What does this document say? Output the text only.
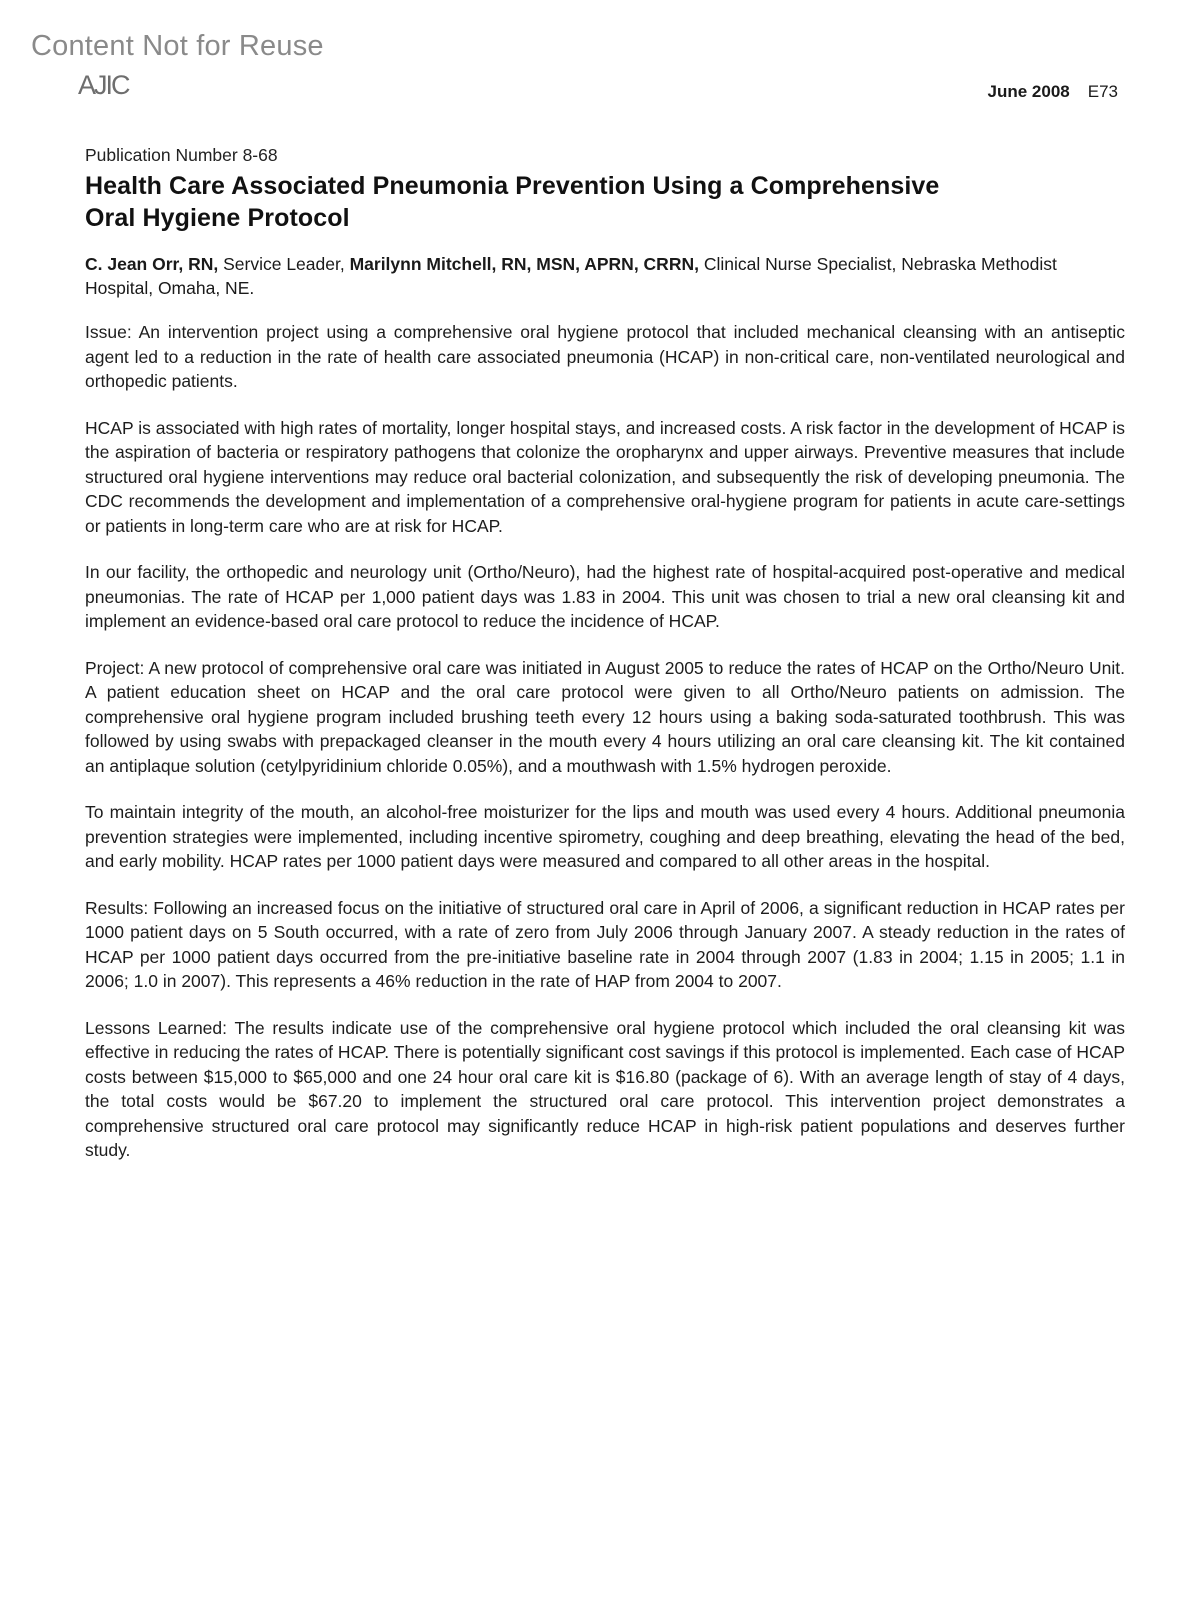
Content Not for Reuse
AJIC	June 2008 E73
Publication Number 8-68
Health Care Associated Pneumonia Prevention Using a Comprehensive
Oral Hygiene Protocol
C. Jean Orr, RN, Service Leader, Marilynn Mitchell, RN, MSN, APRN, CRRN, Clinical Nurse Specialist, Nebraska Methodist Hospital, Omaha, NE.

Issue: An intervention project using a comprehensive oral hygiene protocol that included mechanical cleansing with an antiseptic agent led to a reduction in the rate of health care associated pneumonia (HCAP) in non-critical care, non-ventilated neurological and orthopedic patients.

HCAP is associated with high rates of mortality, longer hospital stays, and increased costs. A risk factor in the development of HCAP is the aspiration of bacteria or respiratory pathogens that colonize the oropharynx and upper airways. Preventive measures that include structured oral hygiene interventions may reduce oral bacterial colonization, and subsequently the risk of developing pneumonia. The CDC recommends the development and implementation of a comprehensive oral-hygiene program for patients in acute care-settings or patients in long-term care who are at risk for HCAP.

In our facility, the orthopedic and neurology unit (Ortho/Neuro), had the highest rate of hospital-acquired post-operative and medical pneumonias. The rate of HCAP per 1,000 patient days was 1.83 in 2004. This unit was chosen to trial a new oral cleansing kit and implement an evidence-based oral care protocol to reduce the incidence of HCAP.

Project: A new protocol of comprehensive oral care was initiated in August 2005 to reduce the rates of HCAP on the Ortho/Neuro Unit. A patient education sheet on HCAP and the oral care protocol were given to all Ortho/Neuro patients on admission. The comprehensive oral hygiene program included brushing teeth every 12 hours using a baking soda-saturated toothbrush. This was followed by using swabs with prepackaged cleanser in the mouth every 4 hours utilizing an oral care cleansing kit. The kit contained an antiplaque solution (cetylpyridinium chloride 0.05%), and a mouthwash with 1.5% hydrogen peroxide.

To maintain integrity of the mouth, an alcohol-free moisturizer for the lips and mouth was used every 4 hours. Additional pneumonia prevention strategies were implemented, including incentive spirometry, coughing and deep breathing, elevating the head of the bed, and early mobility. HCAP rates per 1000 patient days were measured and compared to all other areas in the hospital.

Results: Following an increased focus on the initiative of structured oral care in April of 2006, a significant reduction in HCAP rates per 1000 patient days on 5 South occurred, with a rate of zero from July 2006 through January 2007. A steady reduction in the rates of HCAP per 1000 patient days occurred from the pre-initiative baseline rate in 2004 through 2007 (1.83 in 2004; 1.15 in 2005; 1.1 in 2006; 1.0 in 2007). This represents a 46% reduction in the rate of HAP from 2004 to 2007.

Lessons Learned: The results indicate use of the comprehensive oral hygiene protocol which included the oral cleansing kit was effective in reducing the rates of HCAP. There is potentially significant cost savings if this protocol is implemented. Each case of HCAP costs between $15,000 to $65,000 and one 24 hour oral care kit is $16.80 (package of 6). With an average length of stay of 4 days, the total costs would be $67.20 to implement the structured oral care protocol. This intervention project demonstrates a comprehensive structured oral care protocol may significantly reduce HCAP in high-risk patient populations and deserves further study.
